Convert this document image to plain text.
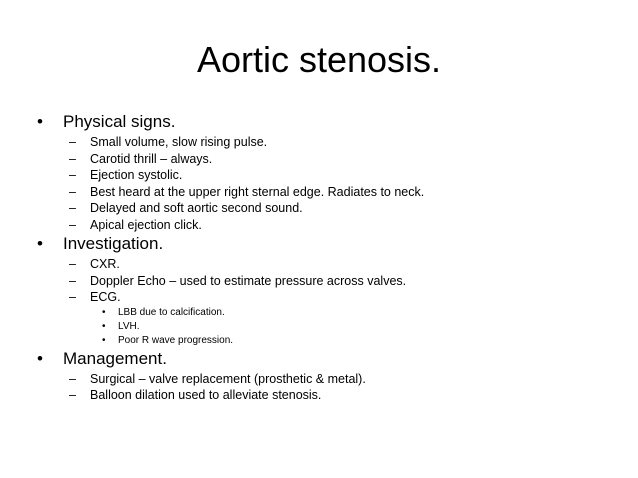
Aortic stenosis.
• Physical signs.
– Small volume, slow rising pulse.
– Carotid thrill – always.
– Ejection systolic.
– Best heard at the upper right sternal edge. Radiates to neck.
– Delayed and soft aortic second sound.
– Apical ejection click.
• Investigation.
– CXR.
– Doppler Echo – used to estimate pressure across valves.
– ECG.
• LBB due to calcification.
• LVH.
• Poor R wave progression.
• Management.
– Surgical – valve replacement (prosthetic & metal).
– Balloon dilation used to alleviate stenosis.
